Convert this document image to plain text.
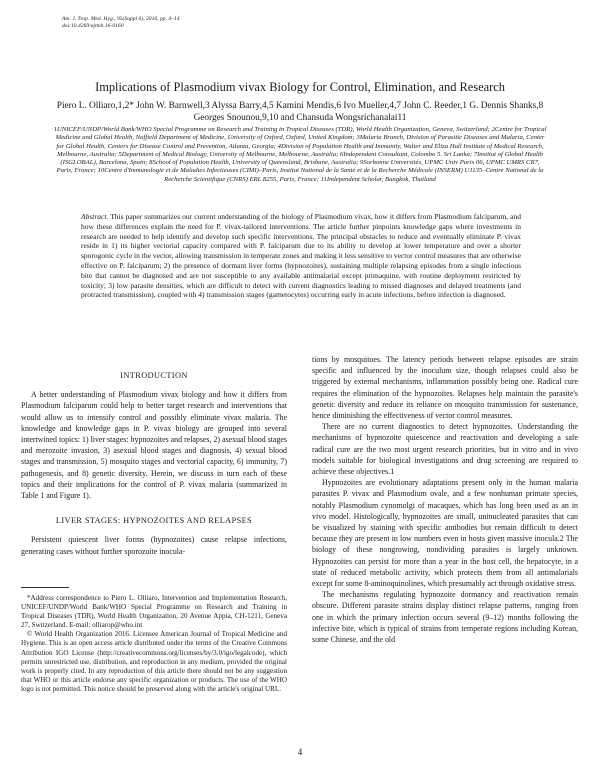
Am. J. Trop. Med. Hyg., 95(Suppl 6), 2016, pp. 4–14
doi:10.4269/ajtmh.16-0160
Implications of Plasmodium vivax Biology for Control, Elimination, and Research
Piero L. Olliaro,1,2* John W. Barnwell,3 Alyssa Barry,4,5 Kamini Mendis,6 Ivo Mueller,4,7 John C. Reeder,1 G. Dennis Shanks,8 Georges Snounou,9,10 and Chansuda Wongsrichanalai11
1UNICEF/UNDP/World Bank/WHO Special Programme on Research and Training in Tropical Diseases (TDR), World Health Organization, Geneva, Switzerland; 2Centre for Tropical Medicine and Global Health, Nuffield Department of Medicine, University of Oxford, Oxford, United Kingdom; 3Malaria Branch, Division of Parasitic Diseases and Malaria, Center for Global Health, Centers for Disease Control and Prevention, Atlanta, Georgia; 4Division of Population Health and Immunity, Walter and Eliza Hall Institute of Medical Research, Melbourne, Australia; 5Department of Medical Biology, University of Melbourne, Melbourne, Australia; 6Independent Consultant, Colombo 5. Sri Lanka; 7Institut of Global Health (ISGLOBAL), Barcelona, Spain; 8School of Population Health, University of Queensland, Brisbane, Australia; 9Sorbonne Universités, UPMC Univ Paris 06, UPMC UMRS CR7, Paris, France; 10Centre d'Immunologie et de Maladies Infectieuses (CIMI)–Paris, Institut National de la Santé et de la Recherche Médicale (INSERM) U1135–Centre National de la Recherche Scientifique (CNRS) ERL 8255, Paris, France; 11Independent Scholar, Bangkok, Thailand
Abstract. This paper summarizes our current understanding of the biology of Plasmodium vivax, how it differs from Plasmodium falciparum, and how these differences explain the need for P. vivax-tailored interventions. The article further pinpoints knowledge gaps where investments in research are needed to help identify and develop such specific interventions. The principal obstacles to reduce and eventually eliminate P. vivax reside in 1) its higher vectorial capacity compared with P. falciparum due to its ability to develop at lower temperature and over a shorter sporogonic cycle in the vector, allowing transmission in temperate zones and making it less sensitive to vector control measures that are otherwise effective on P. falciparum; 2) the presence of dormant liver forms (hypnozoites), sustaining multiple relapsing episodes from a single infectious bite that cannot be diagnosed and are not susceptible to any available antimalarial except primaquine, with routine deployment restricted by toxicity; 3) low parasite densities, which are difficult to detect with current diagnostics leading to missed diagnoses and delayed treatments (and protracted transmission), coupled with 4) transmission stages (gametocytes) occurring early in acute infections, before infection is diagnosed.
INTRODUCTION

A better understanding of Plasmodium vivax biology and how it differs from Plasmodium falciparum could help to better target research and interventions that would allow us to intensify control and possibly eliminate vivax malaria. The knowledge and knowledge gaps in P. vivax biology are grouped into several intertwined topics: 1) liver stages: hypnozoites and relapses, 2) asexual blood stages and merozoite invasion, 3) asexual blood stages and diagnosis, 4) sexual blood stages and transmission, 5) mosquito stages and vectorial capacity, 6) immunity, 7) pathogenesis, and 8) genetic diversity. Herein, we discuss in turn each of these topics and their implications for the control of P. vivax malaria (summarized in Table 1 and Figure 1).

LIVER STAGES: HYPNOZOITES AND RELAPSES

Persistent quiescent liver forms (hypnozoites) cause relapse infections, generating cases without further sporozoite inocula-

*Address correspondence to Piero L. Olliaro, Intervention and Implementation Research, UNICEF/UNDP/World Bank/WHO Special Programme on Research and Training in Tropical Diseases (TDR), World Health Organization, 20 Avenue Appia, CH-1211, Geneva 27, Switzerland. E-mail: olliarop@who.int

© World Health Organization 2016. Licensee American Journal of Tropical Medicine and Hygiene. This is an open access article distributed under the terms of the Creative Commons Attribution IGO License (http://creativecommons.org/licenses/by/3.0/igo/legalcode), which permits unrestricted use, distribution, and reproduction in any medium, provided the original work is properly cited. In any reproduction of this article there should not be any suggestion that WHO or this article endorse any specific organization or products. The use of the WHO logo is not permitted. This notice should be preserved along with the article's original URL.

tions by mosquitoes. The latency periods between relapse episodes are strain specific and influenced by the inoculum size, though relapses could also be triggered by external mechanisms, inflammation possibly being one. Radical cure requires the elimination of the hypnozoites. Relapses help maintain the parasite's genetic diversity and reduce its reliance on mosquito transmission for sustenance, hence diminishing the effectiveness of vector control measures.

There are no current diagnostics to detect hypnozoites. Understanding the mechanisms of hypnozoite quiescence and reactivation and developing a safe radical cure are the two most urgent research priorities, but in vitro and in vivo models suitable for biological investigations and drug screening are required to achieve these objectives.1

Hypnozoites are evolutionary adaptations present only in the human malaria parasites P. vivax and Plasmodium ovale, and a few nonhuman primate species, notably Plasmodium cynomolgi of macaques, which has long been used as an in vivo model. Histologically, hypnozoites are small, uninucleated parasites that can be visualized by staining with specific antibodies but remain difficult to detect because they are present in low numbers even in hosts given massive inocula.2 The biology of these nongrowing, nondividing parasites is largely unknown. Hypnozoites can persist for more than a year in the host cell, the hepatocyte, in a state of reduced metabolic activity, which protects them from all antimalarials except for some 8-aminoquinolines, which presumably act through oxidative stress.

The mechanisms regulating hypnozoite dormancy and reactivation remain obscure. Different parasite strains display distinct relapse patterns, ranging from one in which the primary infection occurs several (9–12) months following the infective bite, which is typical of strains from temperate regions including Korean, some Chinese, and the old

4
